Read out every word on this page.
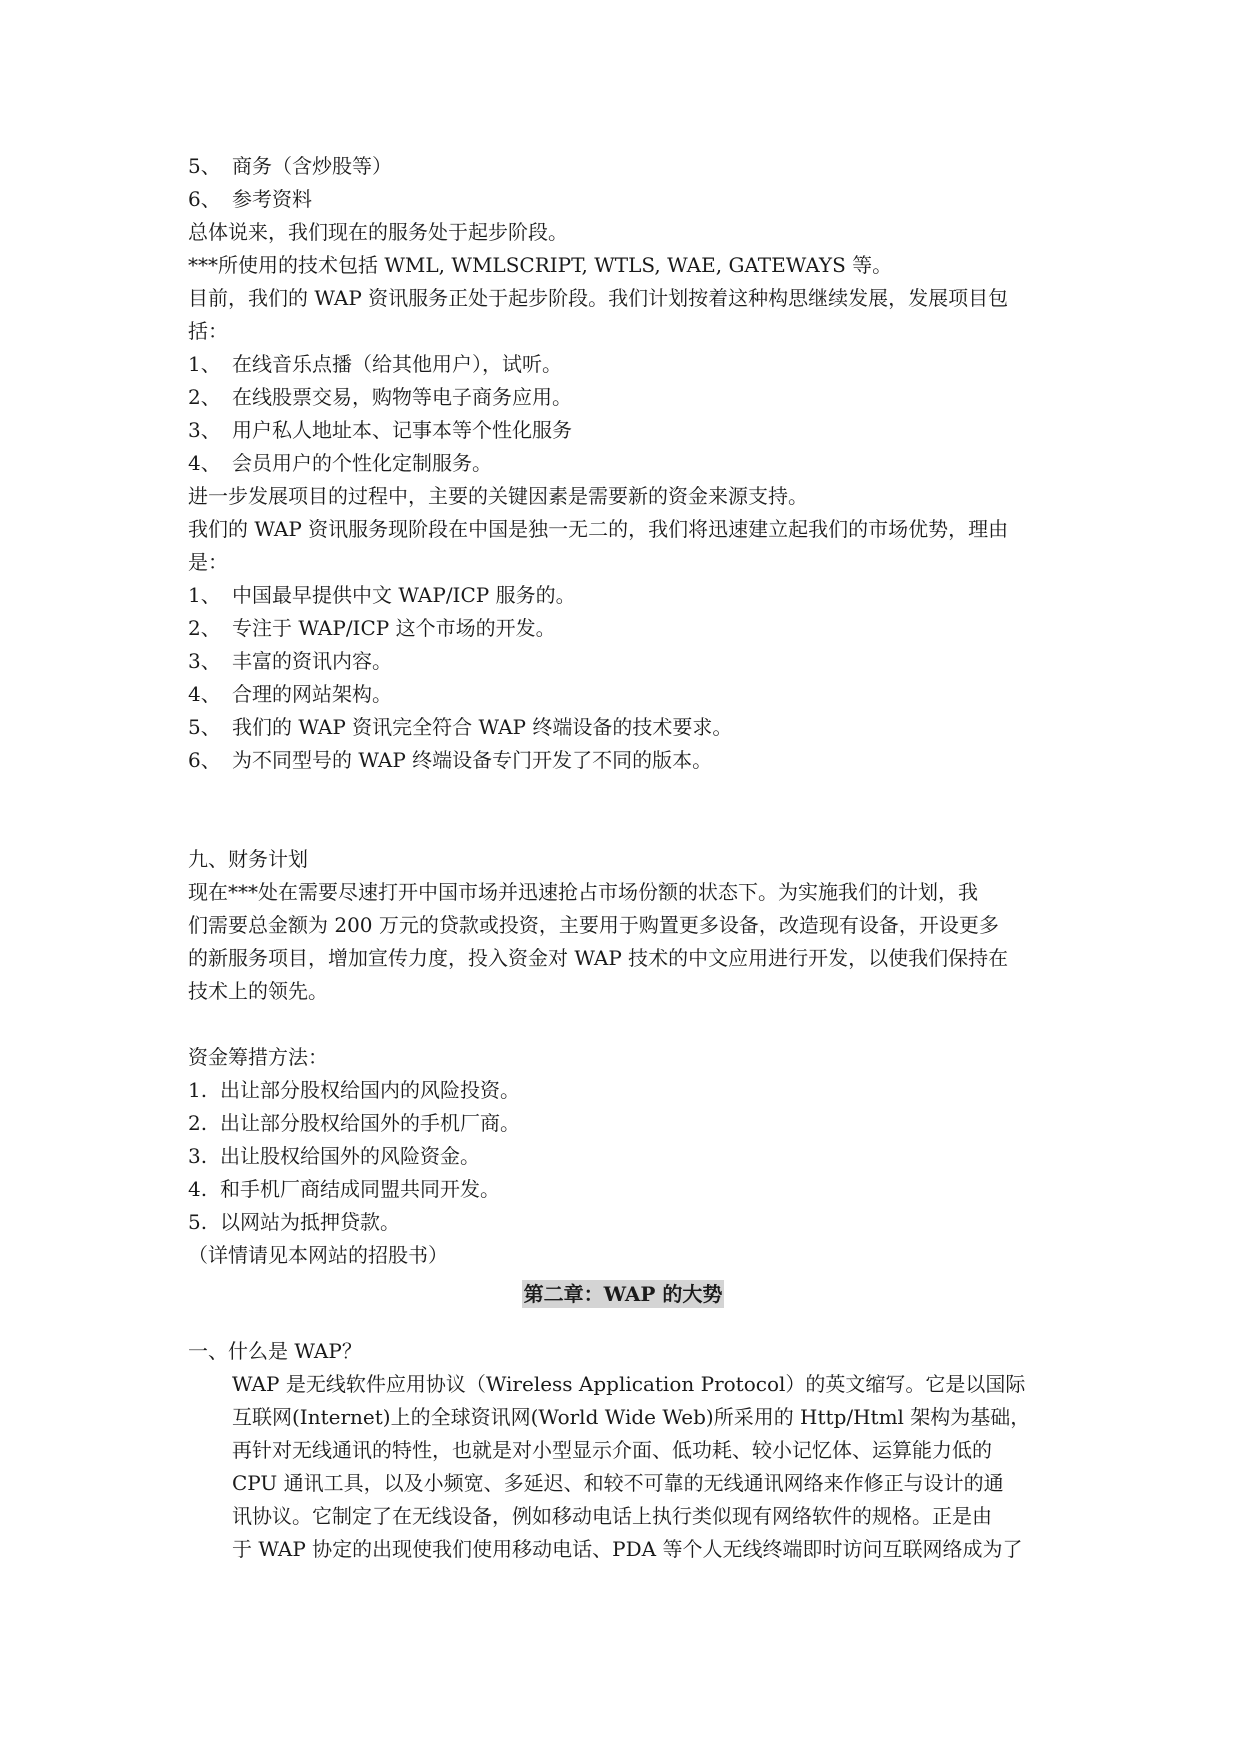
5、 商务（含炒股等）
6、 参考资料
总体说来，我们现在的服务处于起步阶段。
***所使用的技术包括 WML, WMLSCRIPT, WTLS, WAE, GATEWAYS 等。
目前，我们的 WAP 资讯服务正处于起步阶段。我们计划按着这种构思继续发展，发展项目包
括：
1、 在线音乐点播（给其他用户），试听。
2、 在线股票交易，购物等电子商务应用。
3、 用户私人地址本、记事本等个性化服务
4、 会员用户的个性化定制服务。
进一步发展项目的过程中，主要的关键因素是需要新的资金来源支持。
我们的 WAP 资讯服务现阶段在中国是独一无二的，我们将迅速建立起我们的市场优势，理由
是：
1、 中国最早提供中文 WAP/ICP 服务的。
2、 专注于 WAP/ICP 这个市场的开发。
3、 丰富的资讯内容。
4、 合理的网站架构。
5、 我们的 WAP 资讯完全符合 WAP 终端设备的技术要求。
6、 为不同型号的 WAP 终端设备专门开发了不同的版本。
九、财务计划
现在***处在需要尽速打开中国市场并迅速抢占市场份额的状态下。为实施我们的计划，我
们需要总金额为 200 万元的贷款或投资，主要用于购置更多设备，改造现有设备，开设更多
的新服务项目，增加宣传力度，投入资金对 WAP 技术的中文应用进行开发，以使我们保持在
技术上的领先。
资金筹措方法：
1. 出让部分股权给国内的风险投资。
2. 出让部分股权给国外的手机厂商。
3. 出让股权给国外的风险资金。
4. 和手机厂商结成同盟共同开发。
5. 以网站为抵押贷款。
（详情请见本网站的招股书）
第二章：WAP 的大势
一、什么是 WAP？
WAP 是无线软件应用协议（Wireless Application Protocol）的英文缩写。它是以国际
互联网(Internet)上的全球资讯网(World Wide Web)所采用的 Http/Html 架构为基础，
再针对无线通讯的特性，也就是对小型显示介面、低功耗、较小记忆体、运算能力低的
CPU 通讯工具，以及小频宽、多延迟、和较不可靠的无线通讯网络来作修正与设计的通
讯协议。它制定了在无线设备，例如移动电话上执行类似现有网络软件的规格。正是由
于 WAP 协定的出现使我们使用移动电话、PDA 等个人无线终端即时访问互联网络成为了
